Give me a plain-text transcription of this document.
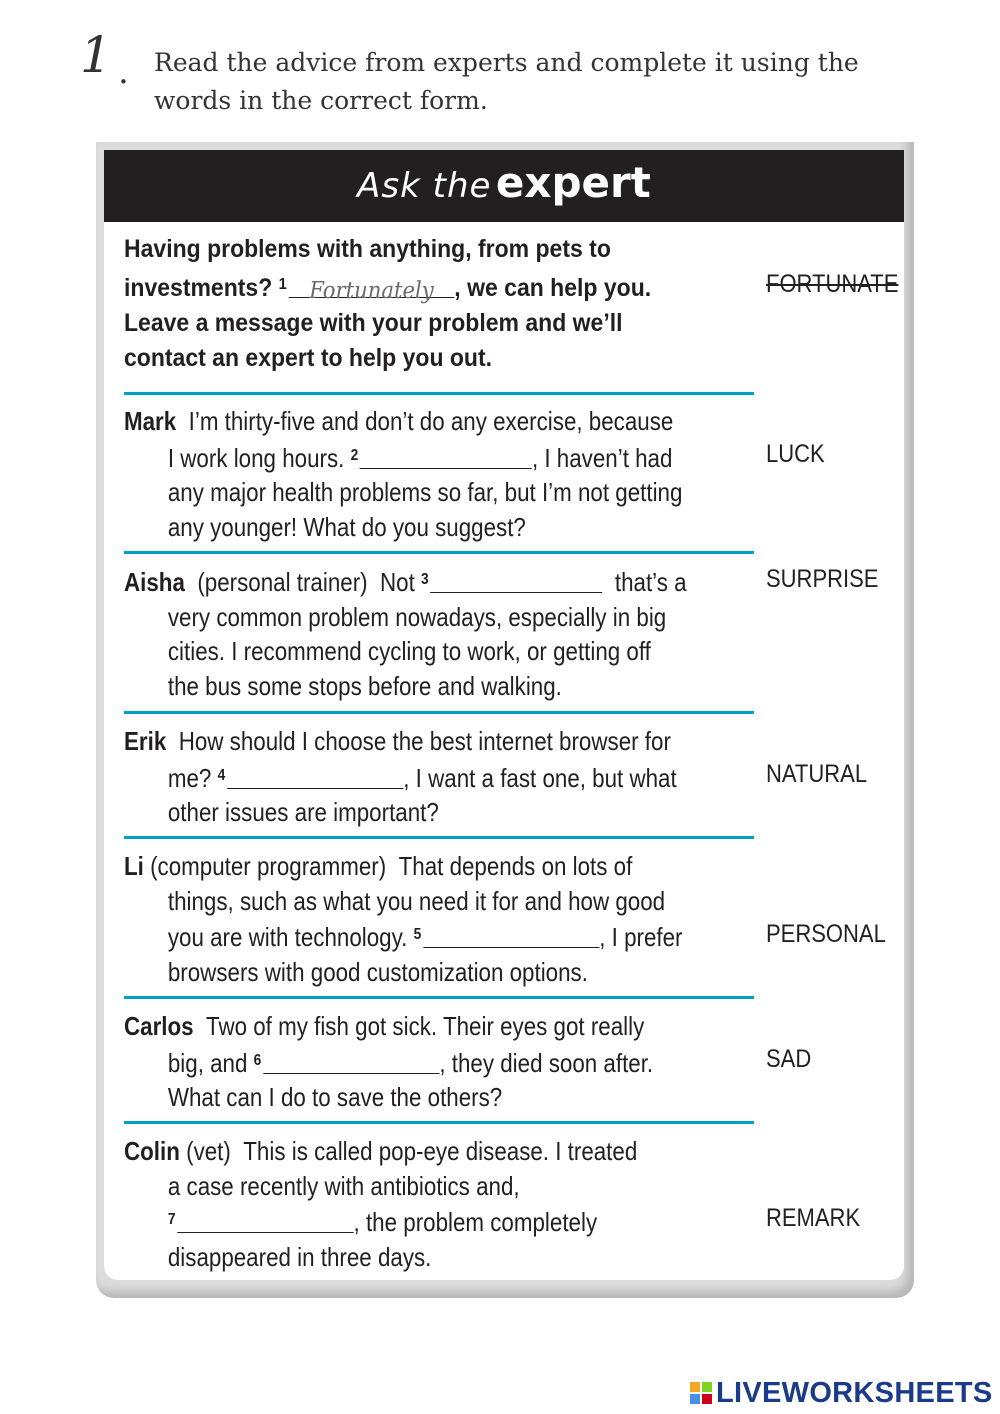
1 . Read the advice from experts and complete it using the words in the correct form.
Ask the expert
Having problems with anything, from pets to
investments? $^1$ Fortunately , we can help you.
Leave a message with your problem and we’ll
contact an expert to help you out.
FORTUNATE
Mark I’m thirty-five and don’t do any exercise, because
I work long hours. $^2$	, I haven’t had
any major health problems so far, but I’m not getting
any younger! What do you suggest?
LUCK
Aisha (personal trainer) Not $^3$	that’s a
very common problem nowadays, especially in big
cities. I recommend cycling to work, or getting off
the bus some stops before and walking.
SURPRISE
Erik How should I choose the best internet browser for
me? $^4$	, I want a fast one, but what
other issues are important?
NATURAL
Li (computer programmer) That depends on lots of
things, such as what you need it for and how good
you are with technology. $^5$	, I prefer
browsers with good customization options.
PERSONAL
Carlos Two of my fish got sick. Their eyes got really
big, and $^6$	, they died soon after.
What can I do to save the others?
SAD
Colin (vet) This is called pop-eye disease. I treated
a case recently with antibiotics and,
$^7$	, the problem completely
disappeared in three days.
REMARK
LIVEWORKSHEETS
